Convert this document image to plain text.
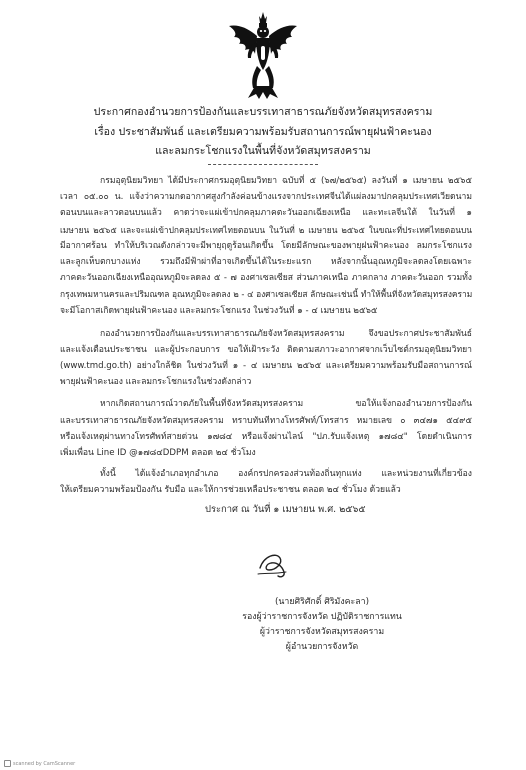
ประกาศกองอำนวยการป้องกันและบรรเทาสาธารณภัยจังหวัดสมุทรสงคราม
เรื่อง ประชาสัมพันธ์ และเตรียมความพร้อมรับสถานการณ์พายุฝนฟ้าคะนอง
และลมกระโชกแรงในพื้นที่จังหวัดสมุทรสงคราม
กรมอุตุนิยมวิทยา ได้มีประกาศกรมอุตุนิยมวิทยา ฉบับที่ ๕ (๖๗/๒๕๖๕) ลงวันที่ ๑ เมษายน ๒๕๖๕
เวลา ๐๕.๐๐ น. แจ้งว่าความกดอากาศสูงกำลังค่อนข้างแรงจากประเทศจีนได้แผ่ลงมาปกคลุมประเทศเวียดนาม
ตอนบนและลาวตอนบนแล้ว คาดว่าจะแผ่เข้าปกคลุมภาคตะวันออกเฉียงเหนือ และทะเลจีนใต้ ในวันที่ ๑
เมษายน ๒๕๖๕ และจะแผ่เข้าปกคลุมประเทศไทยตอนบน ในวันที่ ๒ เมษายน ๒๕๖๕ ในขณะที่ประเทศไทยตอนบน
มีอากาศร้อน ทำให้บริเวณดังกล่าวจะมีพายุฤดูร้อนเกิดขึ้น โดยมีลักษณะของพายุฝนฟ้าคะนอง ลมกระโชกแรง
และลูกเห็บตกบางแห่ง รวมถึงมีฟ้าผ่าที่อาจเกิดขึ้นได้ในระยะแรก หลังจากนั้นอุณหภูมิจะลดลงโดยเฉพาะ
ภาคตะวันออกเฉียงเหนืออุณหภูมิจะลดลง ๕ - ๗ องศาเซลเซียส ส่วนภาคเหนือ ภาคกลาง ภาคตะวันออก รวมทั้ง
กรุงเทพมหานครและปริมณฑล อุณหภูมิจะลดลง ๒ - ๔ องศาเซลเซียส ลักษณะเช่นนี้ ทำให้พื้นที่จังหวัดสมุทรสงคราม
จะมีโอกาสเกิดพายุฝนฟ้าคะนอง และลมกระโชกแรง ในช่วงวันที่ ๑ - ๔ เมษายน ๒๕๖๕
กองอำนวยการป้องกันและบรรเทาสาธารณภัยจังหวัดสมุทรสงคราม จึงขอประกาศประชาสัมพันธ์
และแจ้งเตือนประชาชน และผู้ประกอบการ ขอให้เฝ้าระวัง ติดตามสภาวะอากาศจากเว็บไซต์กรมอุตุนิยมวิทยา
(www.tmd.go.th) อย่างใกล้ชิด ในช่วงวันที่ ๑ - ๔ เมษายน ๒๕๖๕ และเตรียมความพร้อมรับมือสถานการณ์
พายุฝนฟ้าคะนอง และลมกระโชกแรงในช่วงดังกล่าว
หากเกิดสถานการณ์วาตภัยในพื้นที่จังหวัดสมุทรสงคราม ขอให้แจ้งกองอำนวยการป้องกัน
และบรรเทาสาธารณภัยจังหวัดสมุทรสงคราม ทราบทันทีทางโทรศัพท์/โทรสาร หมายเลข ๐ ๓๔๗๑ ๕๔๙๕
หรือแจ้งเหตุผ่านทางโทรศัพท์สายด่วน ๑๗๘๔ หรือแจ้งผ่านไลน์ "ปภ.รับแจ้งเหตุ ๑๗๘๔" โดยดำเนินการ
เพิ่มเพื่อน Line ID @๑๗๘๔DDPM ตลอด ๒๔ ชั่วโมง
ทั้งนี้ ได้แจ้งอำเภอทุกอำเภอ องค์กรปกครองส่วนท้องถิ่นทุกแห่ง และหน่วยงานที่เกี่ยวข้อง
ให้เตรียมความพร้อมป้องกัน รับมือ และให้การช่วยเหลือประชาชน ตลอด ๒๔ ชั่วโมง ด้วยแล้ว
ประกาศ ณ วันที่ ๑ เมษายน พ.ศ. ๒๕๖๕
(นายศิริศักดิ์ ศิริมังคะลา)
รองผู้ว่าราชการจังหวัด ปฏิบัติราชการแทน
ผู้ว่าราชการจังหวัดสมุทรสงคราม
ผู้อำนวยการจังหวัด
scanned by CamScanner
